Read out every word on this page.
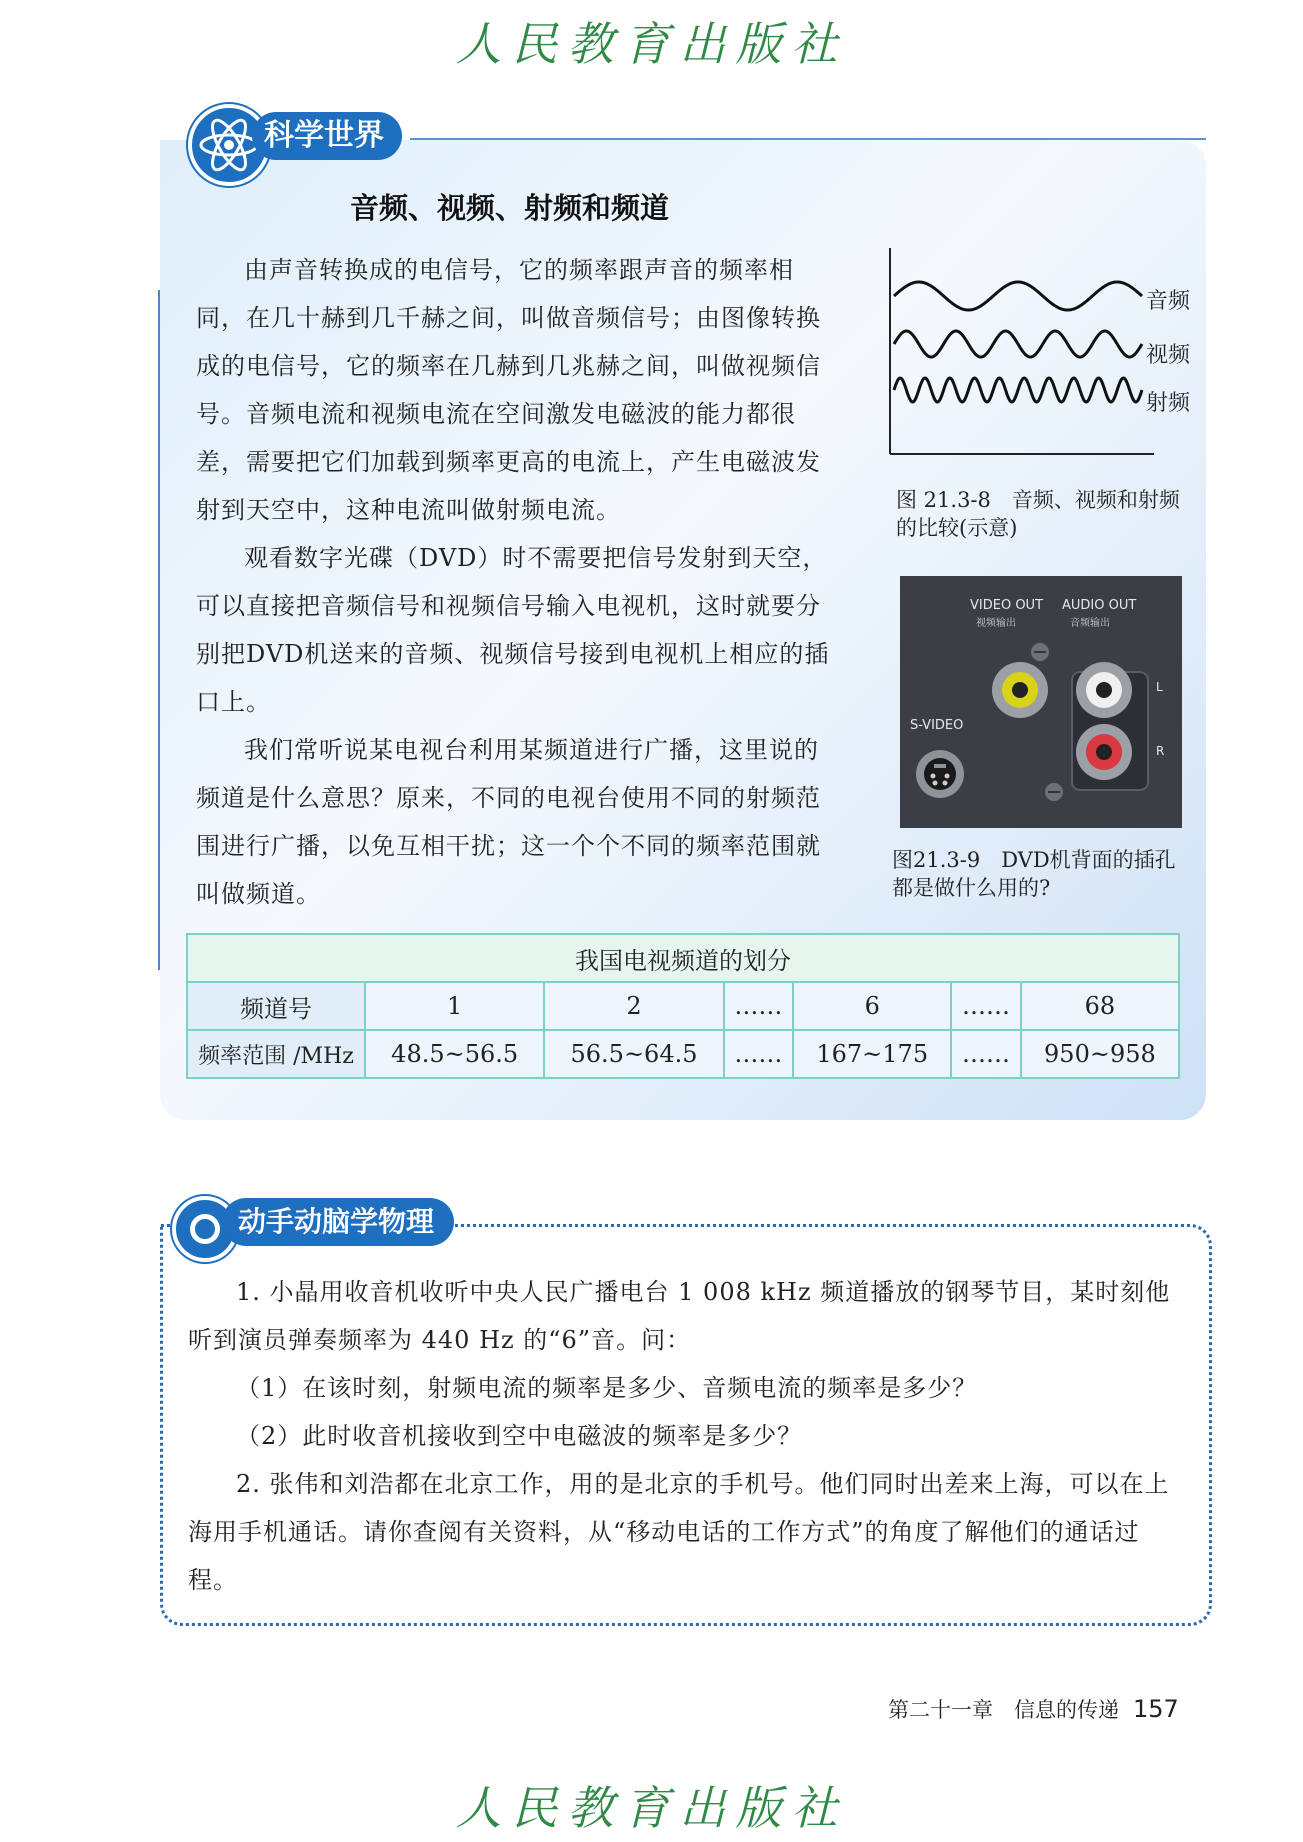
人民教育出版社
科学世界
音频、视频、射频和频道
由声音转换成的电信号，它的频率跟声音的频率相同，在几十赫到几千赫之间，叫做音频信号；由图像转换成的电信号，它的频率在几赫到几兆赫之间，叫做视频信号。音频电流和视频电流在空间激发电磁波的能力都很差，需要把它们加载到频率更高的电流上，产生电磁波发射到天空中，这种电流叫做射频电流。
观看数字光碟（DVD）时不需要把信号发射到天空，可以直接把音频信号和视频信号输入电视机，这时就要分别把DVD机送来的音频、视频信号接到电视机上相应的插口上。
我们常听说某电视台利用某频道进行广播，这里说的频道是什么意思？原来，不同的电视台使用不同的射频范围进行广播，以免互相干扰；这一个个不同的频率范围就叫做频道。
音频
视频
射频
图 21.3-8　音频、视频和射频的比较(示意)
VIDEO OUT
视频输出
AUDIO OUT
音频输出
S-VIDEO
L
R
图21.3-9　DVD机背面的插孔都是做什么用的?
我国电视频道的划分						
频道号	1	2	……	6	……	68
频率范围 /MHz	48.5~56.5	56.5~64.5	……	167~175	……	950~958
动手动脑学物理
1. 小晶用收音机收听中央人民广播电台 1 008 kHz 频道播放的钢琴节目，某时刻他听到演员弹奏频率为 440 Hz 的“6”音。问：
（1）在该时刻，射频电流的频率是多少、音频电流的频率是多少？
（2）此时收音机接收到空中电磁波的频率是多少？
2. 张伟和刘浩都在北京工作，用的是北京的手机号。他们同时出差来上海，可以在上海用手机通话。请你查阅有关资料，从“移动电话的工作方式”的角度了解他们的通话过程。
第二十一章　信息的传递 157
人民教育出版社
